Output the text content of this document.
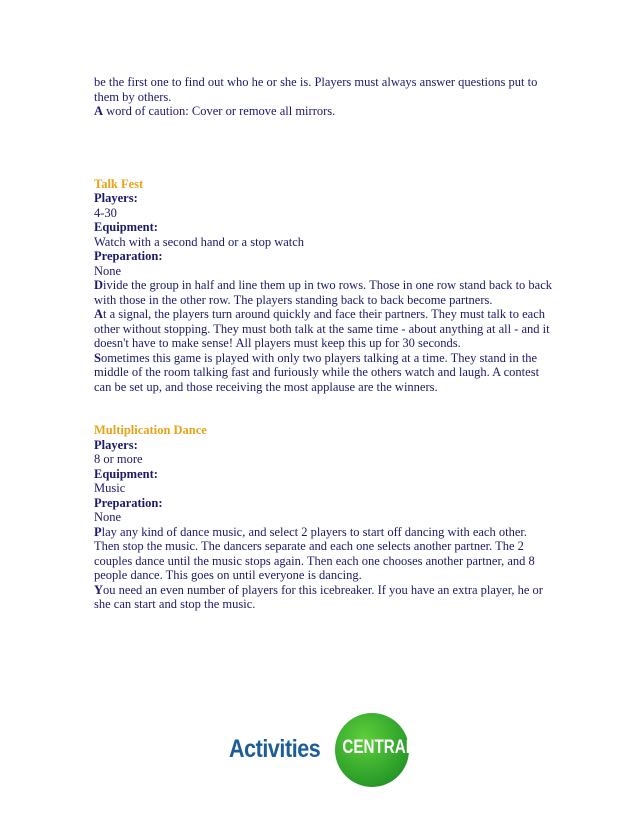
be the first one to find out who he or she is. Players must always answer questions put to

them by others.

A word of caution: Cover or remove all mirrors.

Talk Fest

Players:

4-30

Equipment:

Watch with a second hand or a stop watch

Preparation:

None

Divide the group in half and line them up in two rows. Those in one row stand back to back with those in the other row. The players standing back to back become partners.

At a signal, the players turn around quickly and face their partners. They must talk to each other without stopping. They must both talk at the same time - about anything at all - and it doesn't have to make sense! All players must keep this up for 30 seconds.

Sometimes this game is played with only two players talking at a time. They stand in the middle of the room talking fast and furiously while the others watch and laugh. A contest can be set up, and those receiving the most applause are the winners.

Multiplication Dance

Players:

8 or more

Equipment:

Music

Preparation:

None

Play any kind of dance music, and select 2 players to start off dancing with each other. Then stop the music. The dancers separate and each one selects another partner. The 2 couples dance until the music stops again. Then each one chooses another partner, and 8 people dance. This goes on until everyone is dancing.

You need an even number of players for this icebreaker. If you have an extra player, he or she can start and stop the music.

Activities CENTRAL
